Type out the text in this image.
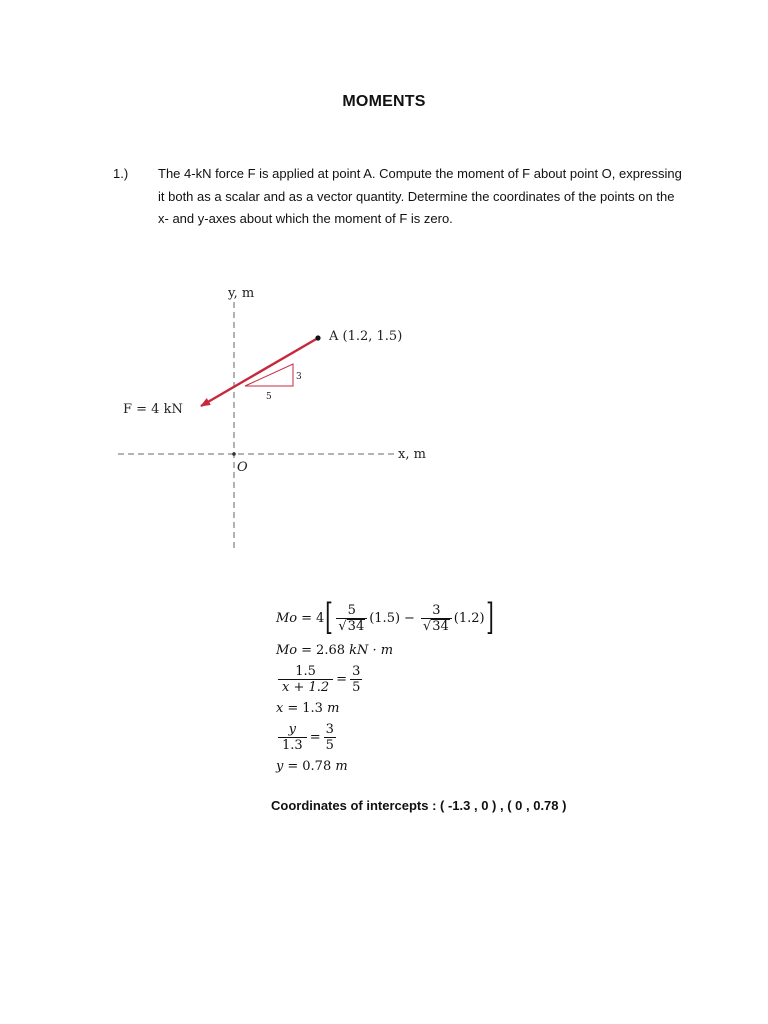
MOMENTS
1.) The 4-kN force F is applied at point A. Compute the moment of F about point O, expressing it both as a scalar and as a vector quantity. Determine the coordinates of the points on the x- and y-axes about which the moment of F is zero.
y, m
x, m
O
A (1.2, 1.5)
F = 4 kN
3
5
Mo = 4 [ $\frac{5}{√ 34} (1.5) - \frac{3}{√ 34} (1.2)$ ]
Mo = 2.68
kN · m
$\frac{1.5}{x + 1.2} = \frac{3}{5}$
x = 1.3
m
$\frac{y}{1.3} = \frac{3}{5}$
y = 0.78
m
Coordinates of intercepts : ( -1.3 , 0 ) , ( 0 , 0.78 )
